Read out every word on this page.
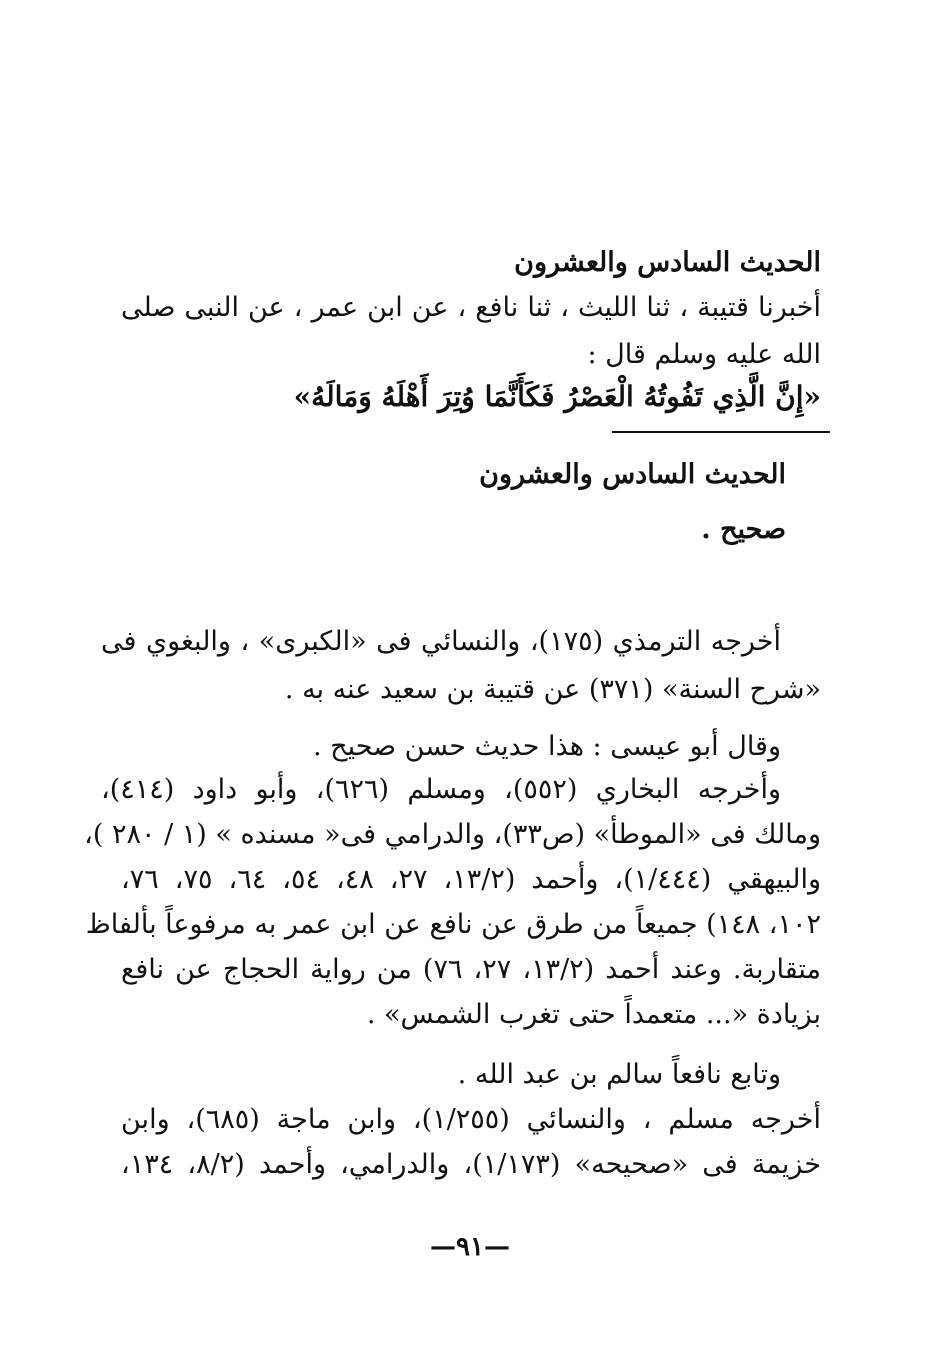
الحديث السادس والعشرون
أخبرنا قتيبة ، ثنا الليث ، ثنا نافع ، عن ابن عمر ، عن النبى صلى
الله عليه وسلم قال :
«إِنَّ الَّذِي تَفُوتُهُ الْعَصْرُ فَكَأَنَّمَا وُتِرَ أَهْلَهُ وَمَالَهُ»
الحديث السادس والعشرون
صحيح .
أخرجه الترمذي (١٧٥)، والنسائي فى «الكبرى» ، والبغوي فى
«شرح السنة» (٣٧١) عن قتيبة بن سعيد عنه به .
وقال أبو عيسى : هذا حديث حسن صحيح .
وأخرجه البخاري (٥٥٢)، ومسلم (٦٢٦)، وأبو داود (٤١٤)،
ومالك فى «الموطأ» (ص٣٣)، والدرامي فى« مسنده » (١ / ٢٨٠ )،
والبيهقي (١/٤٤٤)، وأحمد (١٣/٢، ٢٧، ٤٨، ٥٤، ٦٤، ٧٥، ٧٦،
١٠٢، ١٤٨) جميعاً من طرق عن نافع عن ابن عمر به مرفوعاً بألفاظ
متقاربة. وعند أحمد (١٣/٢، ٢٧، ٧٦) من رواية الحجاج عن نافع
بزيادة «... متعمداً حتى تغرب الشمس» .
وتابع نافعاً سالم بن عبد الله .
أخرجه مسلم ، والنسائي (١/٢٥٥)، وابن ماجة (٦٨٥)، وابن
خزيمة فى «صحيحه» (١/١٧٣)، والدرامي، وأحمد (٨/٢، ١٣٤،
—٩١—
